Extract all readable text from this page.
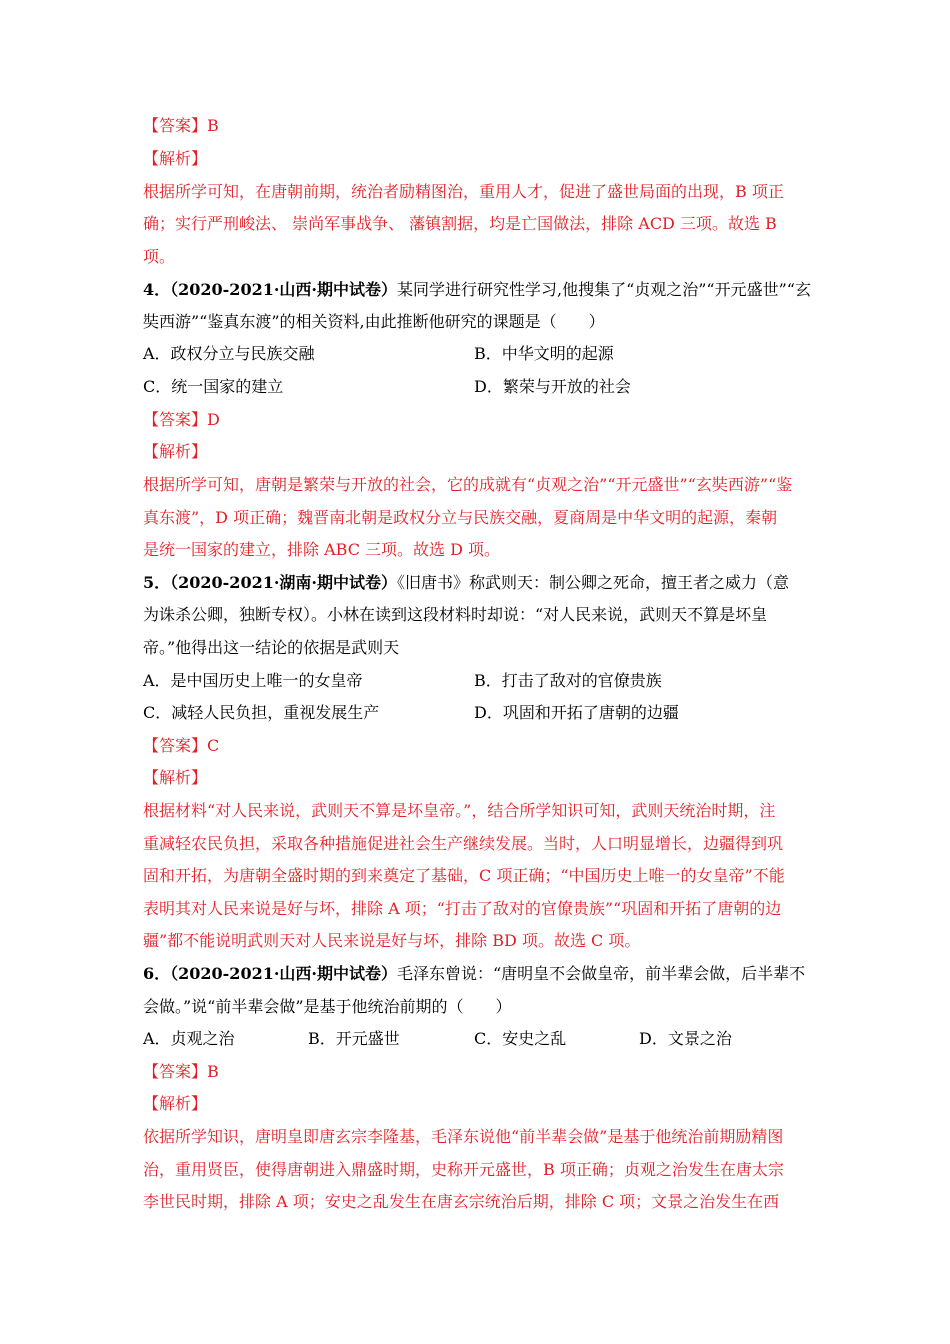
【答案】B
【解析】
根据所学可知，在唐朝前期，统治者励精图治，重用人才，促进了盛世局面的出现，B 项正
确；实行严刑峻法、 崇尚军事战争、 藩镇割据，均是亡国做法，排除 ACD 三项。故选 B
项。
4．（2020-2021·山西·期中试卷）某同学进行研究性学习,他搜集了“贞观之治”“开元盛世”“玄
奘西游”“鉴真东渡”的相关资料,由此推断他研究的课题是（　　）
A．政权分立与民族交融	B．中华文明的起源
C．统一国家的建立	D．繁荣与开放的社会
【答案】D
【解析】
根据所学可知，唐朝是繁荣与开放的社会，它的成就有“贞观之治”“开元盛世”“玄奘西游”“鉴
真东渡”，D 项正确；魏晋南北朝是政权分立与民族交融，夏商周是中华文明的起源，秦朝
是统一国家的建立，排除 ABC 三项。故选 D 项。
5．（2020-2021·湖南·期中试卷）《旧唐书》称武则天：制公卿之死命，擅王者之威力（意
为诛杀公卿，独断专权）。小林在读到这段材料时却说：“对人民来说，武则天不算是坏皇
帝。”他得出这一结论的依据是武则天
A．是中国历史上唯一的女皇帝	B．打击了敌对的官僚贵族
C．减轻人民负担，重视发展生产	D．巩固和开拓了唐朝的边疆
【答案】C
【解析】
根据材料“对人民来说，武则天不算是坏皇帝。”，结合所学知识可知，武则天统治时期，注
重减轻农民负担，采取各种措施促进社会生产继续发展。当时，人口明显增长，边疆得到巩
固和开拓，为唐朝全盛时期的到来奠定了基础，C 项正确；“中国历史上唯一的女皇帝”不能
表明其对人民来说是好与坏，排除 A 项；“打击了敌对的官僚贵族”“巩固和开拓了唐朝的边
疆”都不能说明武则天对人民来说是好与坏，排除 BD 项。故选 C 项。
6．（2020-2021·山西·期中试卷）毛泽东曾说：“唐明皇不会做皇帝，前半辈会做，后半辈不
会做。”说“前半辈会做”是基于他统治前期的（　　）
A．贞观之治	B．开元盛世	C．安史之乱	D．文景之治
【答案】B
【解析】
依据所学知识，唐明皇即唐玄宗李隆基，毛泽东说他“前半辈会做”是基于他统治前期励精图
治，重用贤臣，使得唐朝进入鼎盛时期，史称开元盛世，B 项正确；贞观之治发生在唐太宗
李世民时期，排除 A 项；安史之乱发生在唐玄宗统治后期，排除 C 项；文景之治发生在西
